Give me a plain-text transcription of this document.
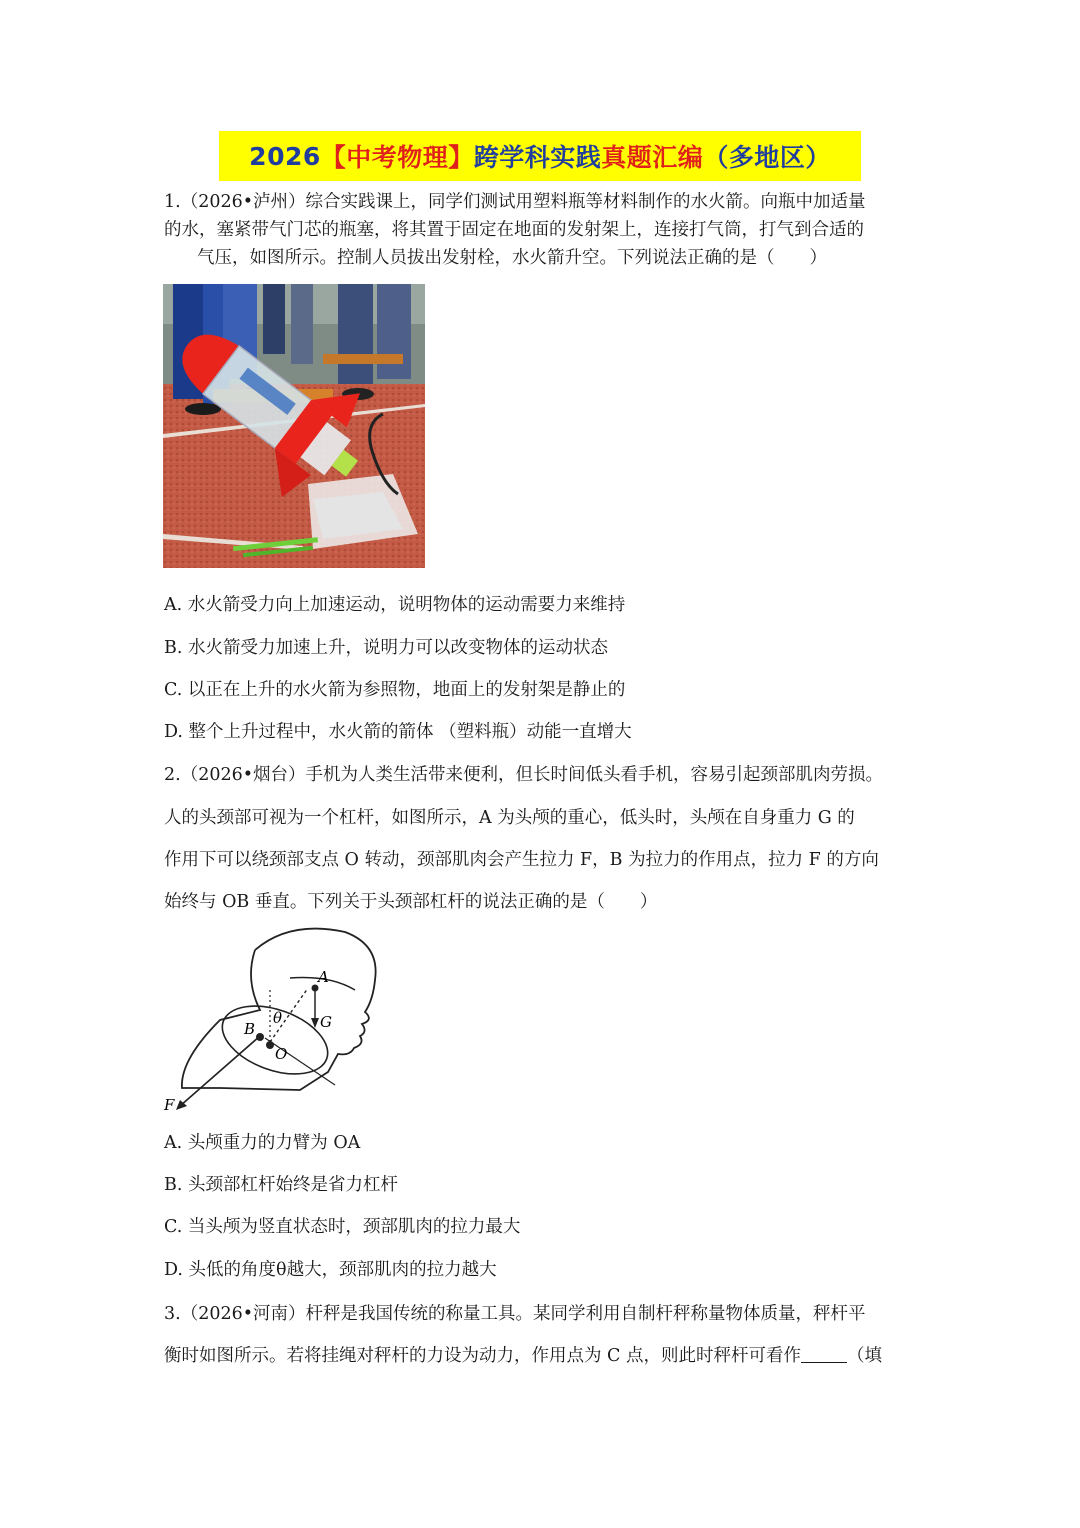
2026 【中考物理】 跨学科实践 真题汇编 （多地区）

1.（2026•泸州）综合实践课上，同学们测试用塑料瓶等材料制作的水火箭。向瓶中加适量

的水，塞紧带气门芯的瓶塞，将其置于固定在地面的发射架上，连接打气筒，打气到合适的

气压，如图所示。控制人员拔出发射栓，水火箭升空。下列说法正确的是（　　）

A. 水火箭受力向上加速运动，说明物体的运动需要力来维持
B. 水火箭受力加速上升，说明力可以改变物体的运动状态
C. 以正在上升的水火箭为参照物，地面上的发射架是静止的
D. 整个上升过程中，水火箭的箭体 （塑料瓶）动能一直增大

2.（2026•烟台）手机为人类生活带来便利，但长时间低头看手机，容易引起颈部肌肉劳损。

人的头颈部可视为一个杠杆，如图所示，A 为头颅的重心，低头时，头颅在自身重力 G 的

作用下可以绕颈部支点 O 转动，颈部肌肉会产生拉力 F，B 为拉力的作用点，拉力 F 的方向

始终与 OB 垂直。下列关于头颈部杠杆的说法正确的是（　　）

A
G
θ
B
O
F
A. 头颅重力的力臂为 OA
B. 头颈部杠杆始终是省力杠杆
C. 当头颅为竖直状态时，颈部肌肉的拉力最大
D. 头低的角度θ越大，颈部肌肉的拉力越大

3.（2026•河南）杆秤是我国传统的称量工具。某同学利用自制杆秤称量物体质量，秤杆平

衡时如图所示。若将挂绳对秤杆的力设为动力，作用点为 C 点，则此时秤杆可看作	（填
